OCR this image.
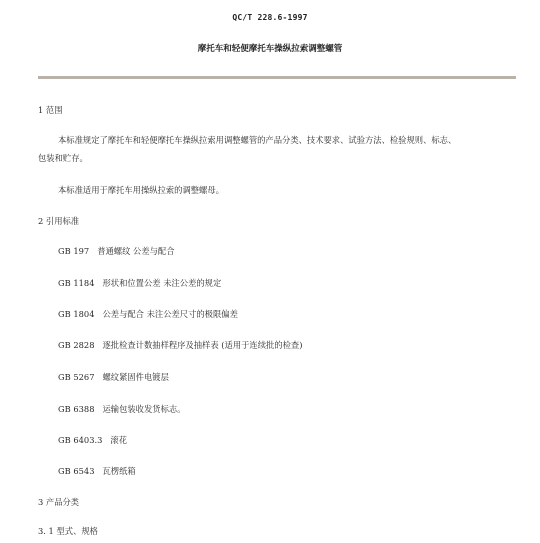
QC/T 228.6-1997
摩托车和轻便摩托车操纵拉索调整螺管
1 范围
本标准规定了摩托车和轻便摩托车操纵拉索用调整螺管的产品分类、技术要求、试验方法、检验规则、标志、
包装和贮存。
本标准适用于摩托车用操纵拉索的调整螺母。
2 引用标准
GB 197 普通螺纹 公差与配合
GB 1184 形状和位置公差 未注公差的规定
GB 1804 公差与配合 未注公差尺寸的极限偏差
GB 2828 逐批检查计数抽样程序及抽样表 (适用于连续批的检查)
GB 5267 螺纹紧固件电镀层
GB 6388 运输包装收发货标志。
GB 6403.3 滚花
GB 6543 瓦楞纸箱
3 产品分类
3. 1 型式、规格
